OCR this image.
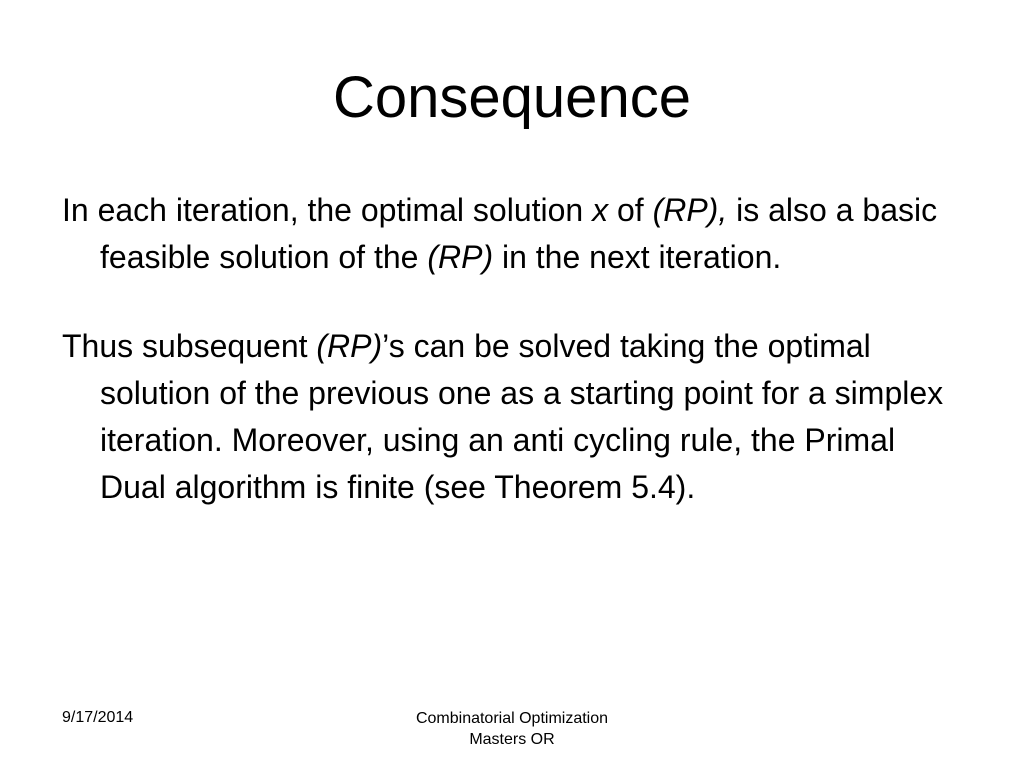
Consequence

In each iteration, the optimal solution x of (RP), is also a basic feasible solution of the (RP) in the next iteration.

Thus subsequent (RP)’s can be solved taking the optimal solution of the previous one as a starting point for a simplex iteration. Moreover, using an anti cycling rule, the Primal Dual algorithm is finite (see Theorem 5.4).

9/17/2014	Combinatorial Optimization
Masters OR
